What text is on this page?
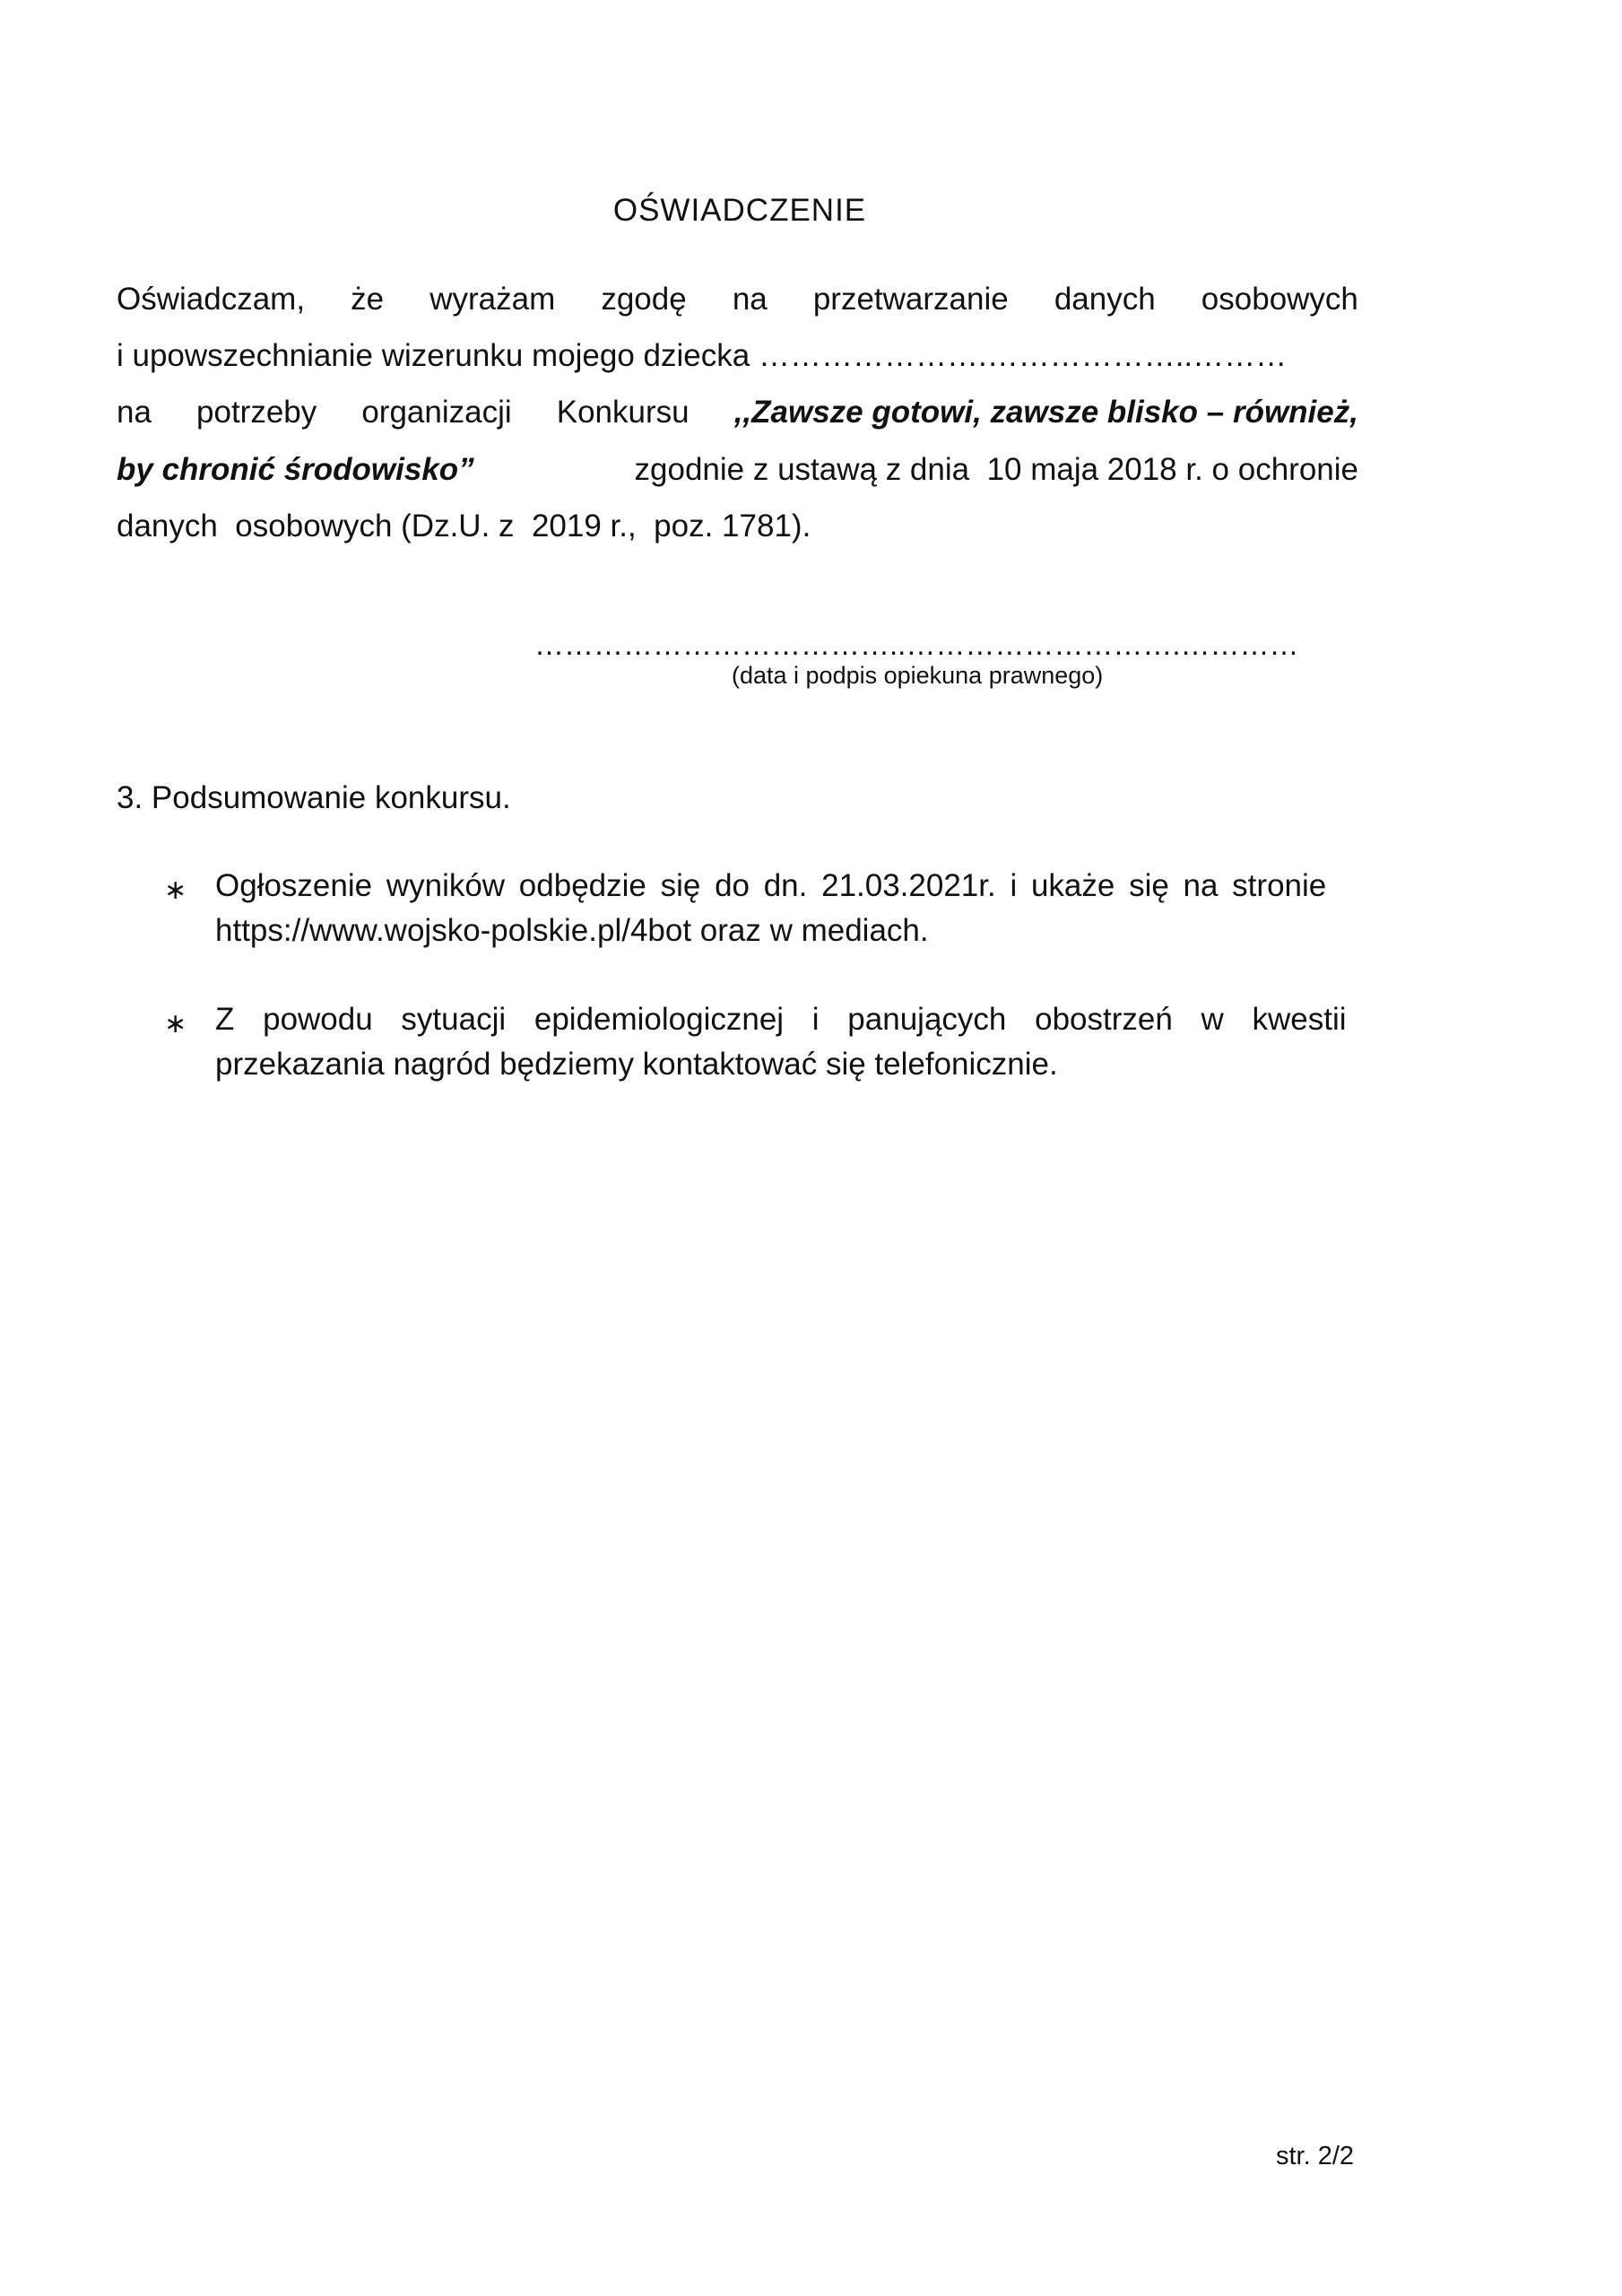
OŚWIADCZENIE
Oświadczam, że wyrażam zgodę na przetwarzanie danych osobowych
i upowszechnianie wizerunku mojego dziecka ………………….………………..………
na potrzeby organizacji Konkursu ,,Zawsze gotowi, zawsze blisko – również,
by chronić środowisko”	zgodnie z ustawą z dnia  10 maja 2018 r. o ochronie
danych  osobowych (Dz.U. z  2019 r.,  poz. 1781).
………………………………..……………………….…………
(data i podpis opiekuna prawnego)
3. Podsumowanie konkursu.
∗ Ogłoszenie wyników odbędzie się do dn. 21.03.2021r. i ukaże się na stronie
https://www.wojsko-polskie.pl/4bot oraz w mediach.
∗ Z powodu sytuacji epidemiologicznej i panujących obostrzeń w kwestii
przekazania nagród będziemy kontaktować się telefonicznie.
str. 2/2
